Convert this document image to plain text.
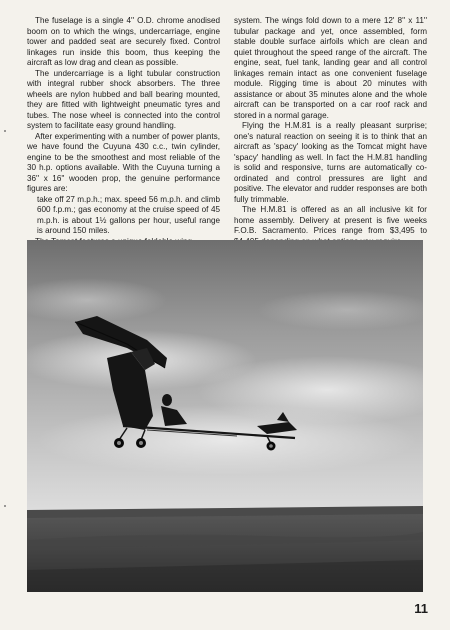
The fuselage is a single 4'' O.D. chrome anodised boom on to which the wings, undercarriage, engine tower and padded seat are securely fixed. Control linkages run inside this boom, thus keeping the aircraft as low drag and clean as possible.

The undercarriage is a light tubular construction with integral rubber shock absorbers. The three wheels are nylon hubbed and ball bearing mounted, they are fitted with lightweight pneumatic tyres and tubes. The nose wheel is connected into the control system to facilitate easy ground handling.

After experimenting with a number of power plants, we have found the Cuyuna 430 c.c., twin cylinder, engine to be the smoothest and most reliable of the 30 h.p. options available. With the Cuyuna turning a 36'' x 16'' wooden prop, the genuine performance figures are:

take off 27 m.p.h.; max. speed 56 m.p.h. and climb 600 f.p.m.; gas economy at the cruise speed of 45 m.p.h. is about 1½ gallons per hour, useful range is around 150 miles.

system. The wings fold down to a mere 12' 8'' x 11'' tubular package and yet, once assembled, form stable double surface airfoils which are clean and quiet throughout the speed range of the aircraft. The engine, seat, fuel tank, landing gear and all control linkages remain intact as one convenient fuselage module. Rigging time is about 20 minutes with assistance or about 35 minutes alone and the whole aircraft can be transported on a car roof rack and stored in a normal garage.

Flying the H.M.81 is a really pleasant surprise; one's natural reaction on seeing it is to think that an aircraft as 'spacy' looking as the Tomcat might have 'spacy' handling as well. In fact the H.M.81 handling is solid and responsive, turns are automatically co-ordinated and control pressures are light and positive. The elevator and rudder responses are both fully trimmable.

The H.M.81 is offered as an all inclusive kit for home assembly. Delivery at present is five weeks F.O.B. Sacramento. Prices range from $3,495 to

11
